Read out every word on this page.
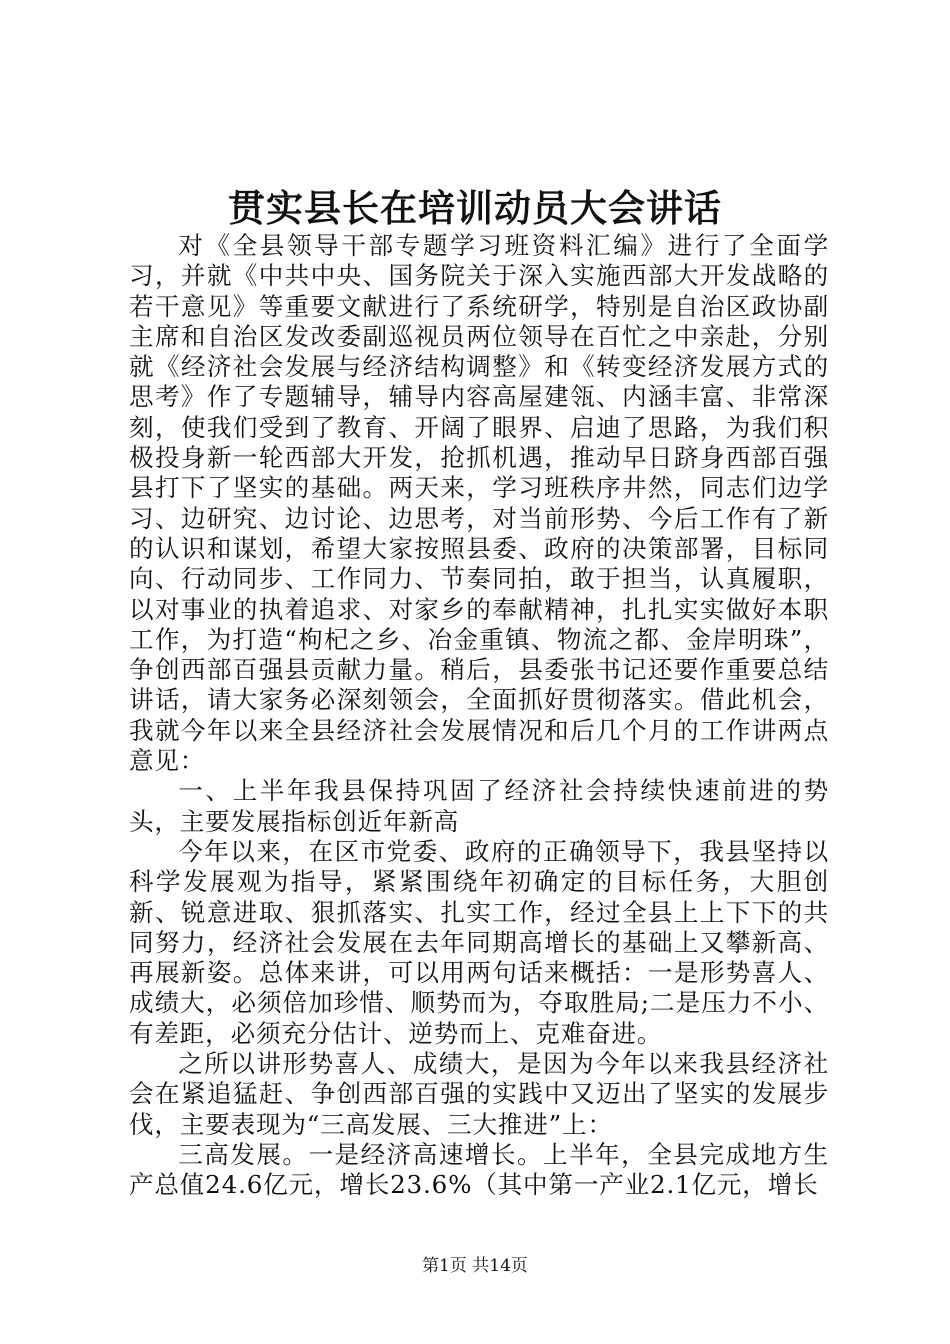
贯实县长在培训动员大会讲话

对《全县领导干部专题学习班资料汇编》进行了全面学习，并就《中共中央、国务院关于深入实施西部大开发战略的若干意见》等重要文献进行了系统研学，特别是自治区政协副主席和自治区发改委副巡视员两位领导在百忙之中亲赴，分别就《经济社会发展与经济结构调整》和《转变经济发展方式的思考》作了专题辅导，辅导内容高屋建瓴、内涵丰富、非常深刻，使我们受到了教育、开阔了眼界、启迪了思路，为我们积极投身新一轮西部大开发，抢抓机遇，推动早日跻身西部百强县打下了坚实的基础。两天来，学习班秩序井然，同志们边学习、边研究、边讨论、边思考，对当前形势、今后工作有了新的认识和谋划，希望大家按照县委、政府的决策部署，目标同向、行动同步、工作同力、节奏同拍，敢于担当，认真履职，以对事业的执着追求、对家乡的奉献精神，扎扎实实做好本职工作，为打造“枸杞之乡、冶金重镇、物流之都、金岸明珠”，争创西部百强县贡献力量。稍后，县委张书记还要作重要总结讲话，请大家务必深刻领会，全面抓好贯彻落实。借此机会，我就今年以来全县经济社会发展情况和后几个月的工作讲两点意见：

一、上半年我县保持巩固了经济社会持续快速前进的势头，主要发展指标创近年新高

今年以来，在区市党委、政府的正确领导下，我县坚持以科学发展观为指导，紧紧围绕年初确定的目标任务，大胆创新、锐意进取、狠抓落实、扎实工作，经过全县上上下下的共同努力，经济社会发展在去年同期高增长的基础上又攀新高、再展新姿。总体来讲，可以用两句话来概括：一是形势喜人、成绩大，必须倍加珍惜、顺势而为，夺取胜局;二是压力不小、有差距，必须充分估计、逆势而上、克难奋进。

之所以讲形势喜人、成绩大，是因为今年以来我县经济社会在紧追猛赶、争创西部百强的实践中又迈出了坚实的发展步伐，主要表现为“三高发展、三大推进”上：

三高发展。一是经济高速增长。上半年，全县完成地方生产总值24.6亿元，增长23.6%（其中第一产业2.1亿元，增长

第1页 共14页
